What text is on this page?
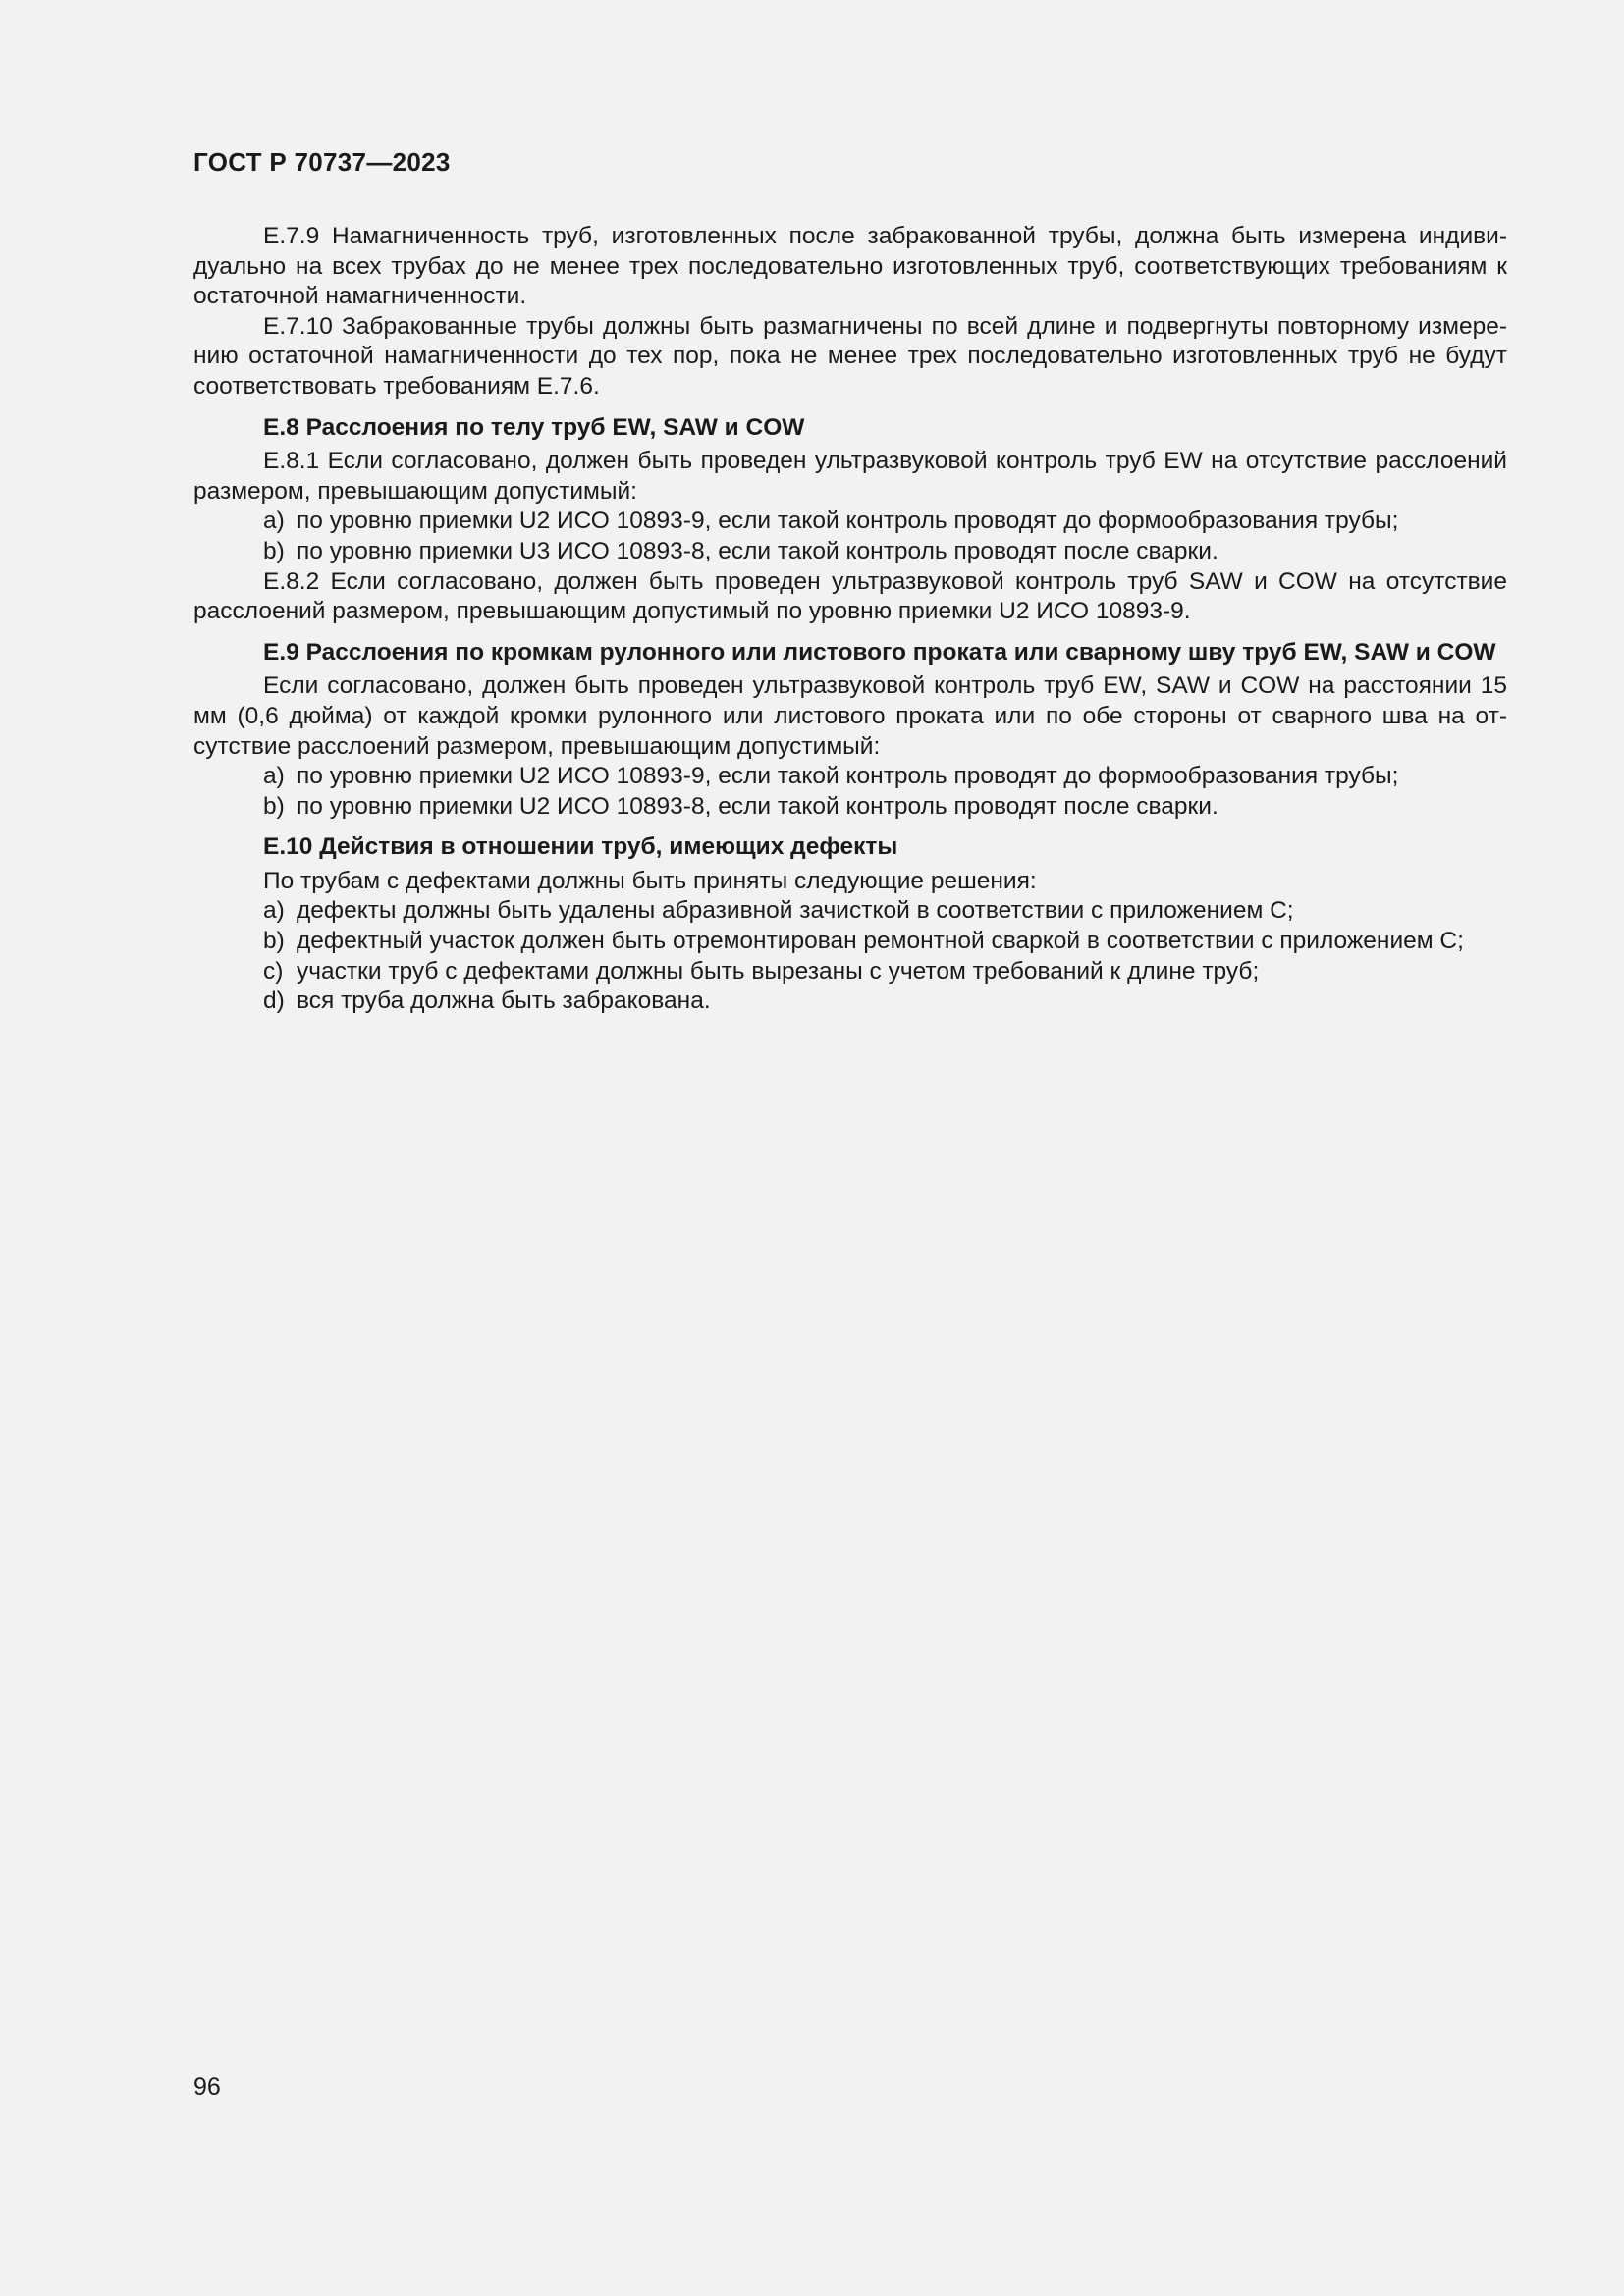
ГОСТ Р 70737—2023

Е.7.9 Намагниченность труб, изготовленных после забракованной трубы, должна быть измерена индивидуально на всех трубах до не менее трех последовательно изготовленных труб, соответствующих требованиям к остаточной намагниченности.

Е.7.10 Забракованные трубы должны быть размагничены по всей длине и подвергнуты повторному измерению остаточной намагниченности до тех пор, пока не менее трех последовательно изготовленных труб не будут соответствовать требованиям Е.7.6.

Е.8 Расслоения по телу труб EW, SAW и COW

Е.8.1 Если согласовано, должен быть проведен ультразвуковой контроль труб EW на отсутствие расслоений размером, превышающим допустимый:

a) по уровню приемки U2 ИСО 10893-9, если такой контроль проводят до формообразования трубы;
b) по уровню приемки U3 ИСО 10893-8, если такой контроль проводят после сварки.

Е.8.2 Если согласовано, должен быть проведен ультразвуковой контроль труб SAW и COW на отсутствие расслоений размером, превышающим допустимый по уровню приемки U2 ИСО 10893-9.

Е.9 Расслоения по кромкам рулонного или листового проката или сварному шву труб EW, SAW и COW

Если согласовано, должен быть проведен ультразвуковой контроль труб EW, SAW и COW на расстоянии 15 мм (0,6 дюйма) от каждой кромки рулонного или листового проката или по обе стороны от сварного шва на отсутствие расслоений размером, превышающим допустимый:

a) по уровню приемки U2 ИСО 10893-9, если такой контроль проводят до формообразования трубы;
b) по уровню приемки U2 ИСО 10893-8, если такой контроль проводят после сварки.
Е.10 Действия в отношении труб, имеющих дефекты
По трубам с дефектами должны быть приняты следующие решения:
a) дефекты должны быть удалены абразивной зачисткой в соответствии с приложением С;
b) дефектный участок должен быть отремонтирован ремонтной сваркой в соответствии с приложением С;
c) участки труб с дефектами должны быть вырезаны с учетом требований к длине труб;
d) вся труба должна быть забракована.
96
